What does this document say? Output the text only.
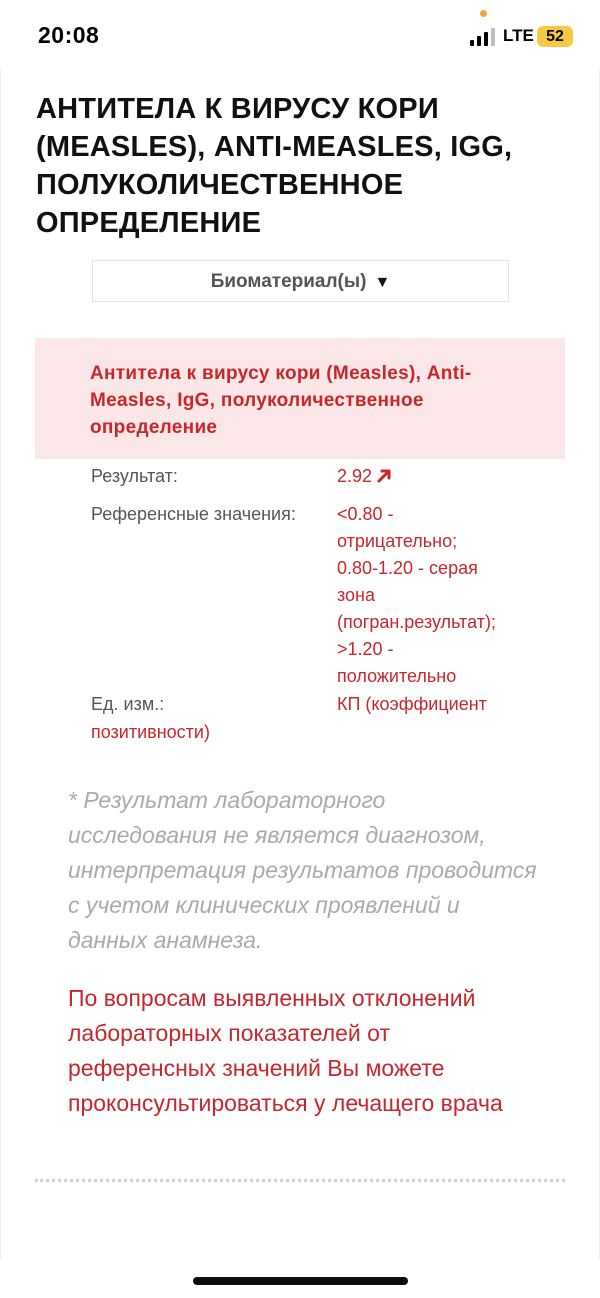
20:08	LTE 52
АНТИТЕЛА К ВИРУСУ КОРИ (MEASLES), ANTI-MEASLES, IGG, ПОЛУКОЛИЧЕСТВЕННОЕ ОПРЕДЕЛЕНИЕ
Биоматериал(ы) ▼
Антитела к вирусу кори (Measles), Anti-Measles, IgG, полуколичественное определение
Результат:	2.92
Референсные значения: <0.80 -
отрицательно;
0.80-1.20 - серая
зона
(погран.результат);
>1.20 -
положительно
Ед. изм.:	КП (коэффициент
позитивности)

* Результат лабораторного исследования не является диагнозом, интерпретация результатов проводится с учетом клинических проявлений и данных анамнеза.

По вопросам выявленных отклонений лабораторных показателей от референсных значений Вы можете проконсультироваться у лечащего врача
